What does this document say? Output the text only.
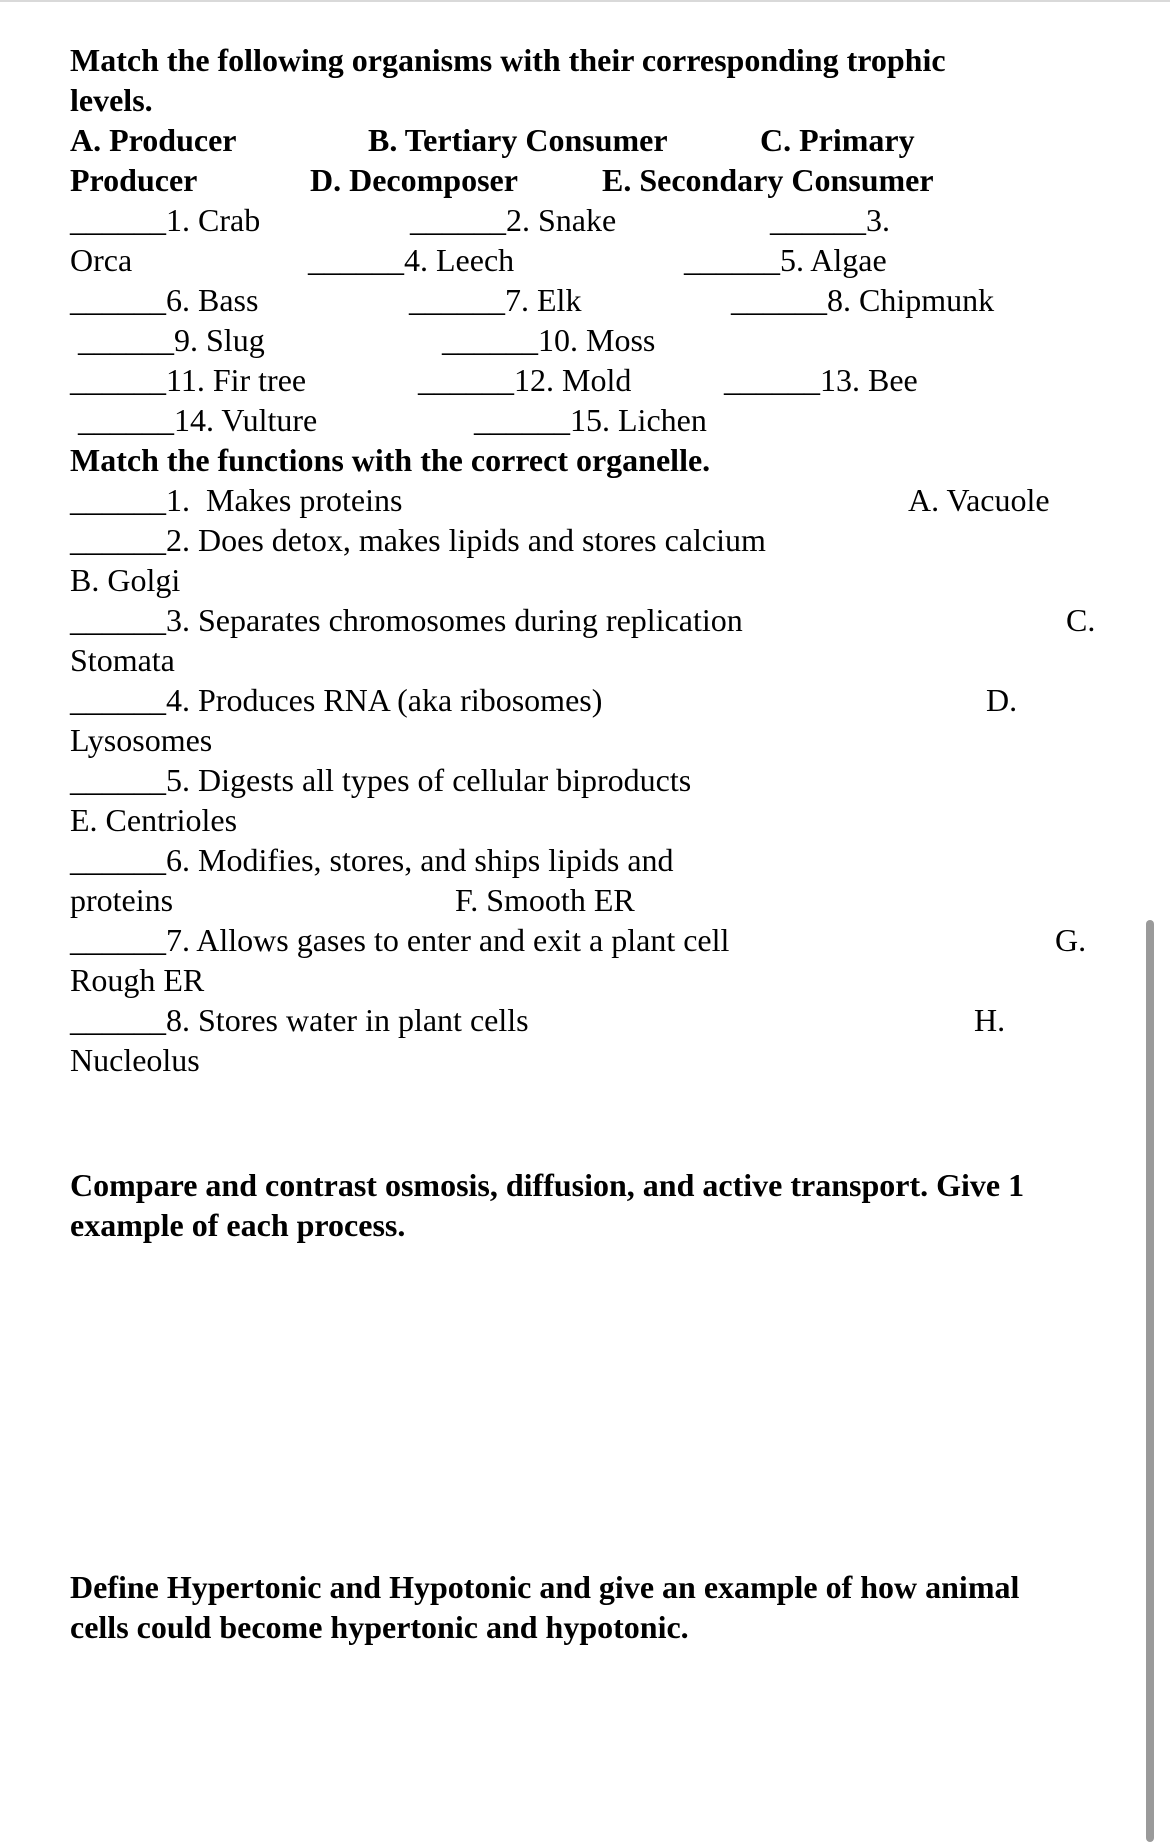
Match the following organisms with their corresponding trophic
levels.
A. Producer	B. Tertiary Consumer	C. Primary
Producer	D. Decomposer	E. Secondary Consumer
______1. Crab	______2. Snake	______3.
Orca	______4. Leech	______5. Algae
______6. Bass	______7. Elk	______8. Chipmunk
______9. Slug	______10. Moss
______11. Fir tree	______12. Mold	______13. Bee
______14. Vulture	______15. Lichen
Match the functions with the correct organelle.
______1.  Makes proteins	A. Vacuole
______2. Does detox, makes lipids and stores calcium
B. Golgi
______3. Separates chromosomes during replication	C.
Stomata
______4. Produces RNA (aka ribosomes)	D.
Lysosomes
______5. Digests all types of cellular biproducts
E. Centrioles
______6. Modifies, stores, and ships lipids and
proteins	F. Smooth ER
______7. Allows gases to enter and exit a plant cell	G.
Rough ER
______8. Stores water in plant cells	H.
Nucleolus
Compare and contrast osmosis, diffusion, and active transport. Give 1
example of each process.
Define Hypertonic and Hypotonic and give an example of how animal
cells could become hypertonic and hypotonic.
